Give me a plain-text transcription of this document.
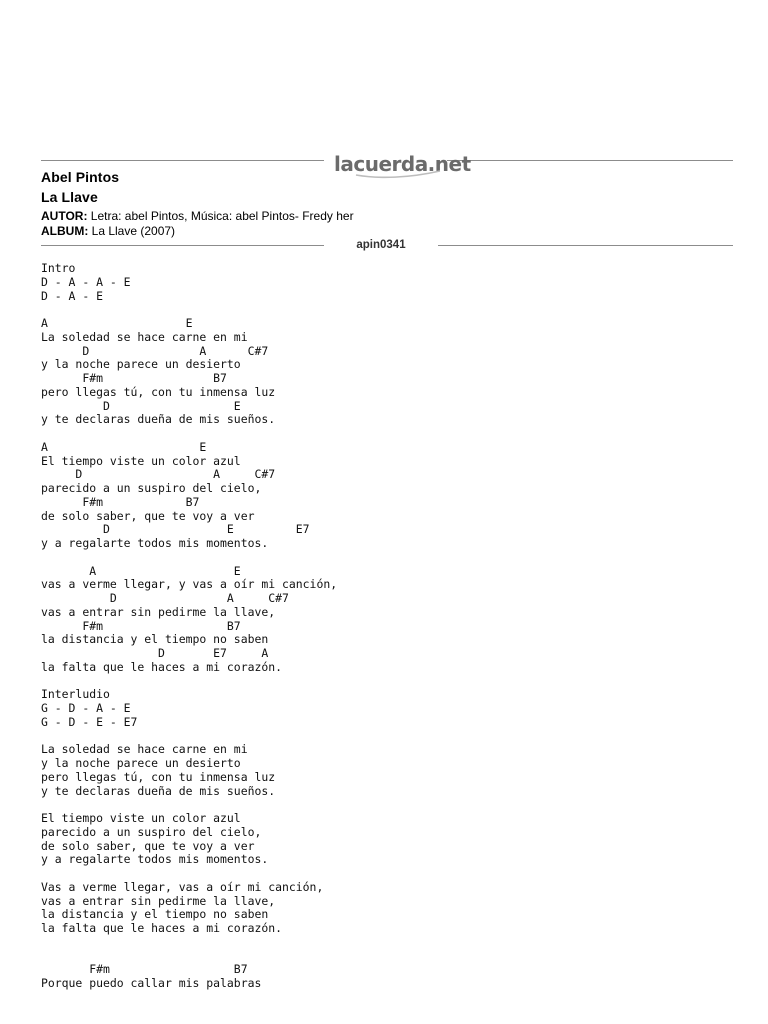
lacuerda.net
Abel Pintos
La Llave
AUTOR: Letra: abel Pintos, Música: abel Pintos- Fredy her
ALBUM: La Llave (2007)
apin0341
Intro
D - A - A - E
D - A - E

A                    E
La soledad se hace carne en mi
D                A      C#7
y la noche parece un desierto
F#m                B7
pero llegas tú, con tu inmensa luz
D                  E
y te declaras dueña de mis sueños.

A                      E
El tiempo viste un color azul
D                   A     C#7
parecido a un suspiro del cielo,
F#m            B7
de solo saber, que te voy a ver
D                 E         E7
y a regalarte todos mis momentos.

A                    E
vas a verme llegar, y vas a oír mi canción,
D                A     C#7
vas a entrar sin pedirme la llave,
F#m                  B7
la distancia y el tiempo no saben
D       E7     A
la falta que le haces a mi corazón.

Interludio
G - D - A - E
G - D - E - E7

La soledad se hace carne en mi
y la noche parece un desierto
pero llegas tú, con tu inmensa luz
y te declaras dueña de mis sueños.

El tiempo viste un color azul
parecido a un suspiro del cielo,
de solo saber, que te voy a ver
y a regalarte todos mis momentos.

Vas a verme llegar, vas a oír mi canción,
vas a entrar sin pedirme la llave,
la distancia y el tiempo no saben
la falta que le haces a mi corazón.

F#m                  B7
Porque puedo callar mis palabras
